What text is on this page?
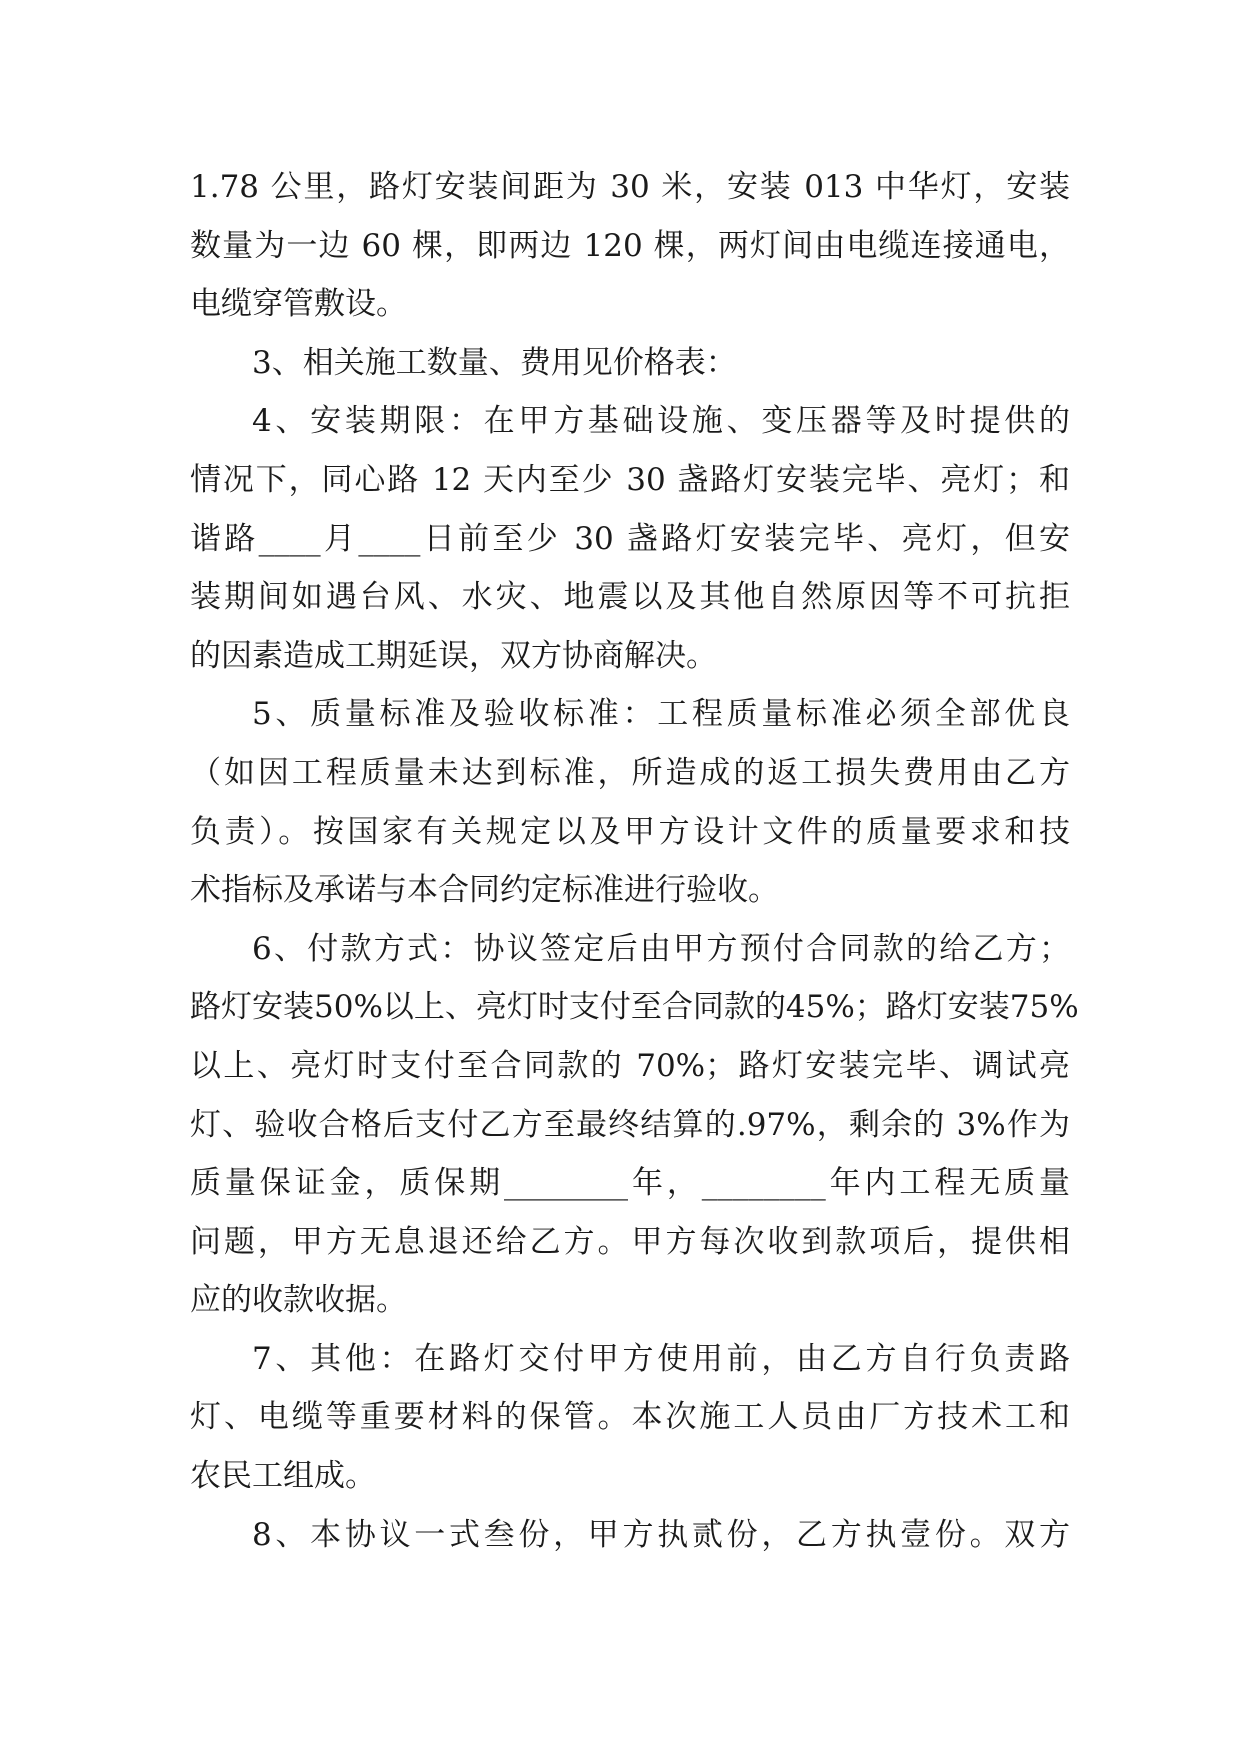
1.78 公里，路灯安装间距为 30 米，安装 013 中华灯，安装
数量为一边 60 棵，即两边 120 棵，两灯间由电缆连接通电，
电缆穿管敷设。
3、相关施工数量、费用见价格表：
4、安装期限：在甲方基础设施、变压器等及时提供的
情况下，同心路 12 天内至少 30 盏路灯安装完毕、亮灯；和
谐路____月____日前至少 30 盏路灯安装完毕、亮灯，但安
装期间如遇台风、水灾、地震以及其他自然原因等不可抗拒
的因素造成工期延误，双方协商解决。
5、质量标准及验收标准：工程质量标准必须全部优良
（如因工程质量未达到标准，所造成的返工损失费用由乙方
负责）。按国家有关规定以及甲方设计文件的质量要求和技
术指标及承诺与本合同约定标准进行验收。
6、付款方式：协议签定后由甲方预付合同款的给乙方；
路灯安装50%以上、亮灯时支付至合同款的45%；路灯安装75%
以上、亮灯时支付至合同款的 70%；路灯安装完毕、调试亮
灯、验收合格后支付乙方至最终结算的.97%，剩余的 3%作为
质量保证金，质保期________年，________年内工程无质量
问题，甲方无息退还给乙方。甲方每次收到款项后，提供相
应的收款收据。
7、其他：在路灯交付甲方使用前，由乙方自行负责路
灯、电缆等重要材料的保管。本次施工人员由厂方技术工和
农民工组成。
8、本协议一式叁份，甲方执贰份，乙方执壹份。双方
